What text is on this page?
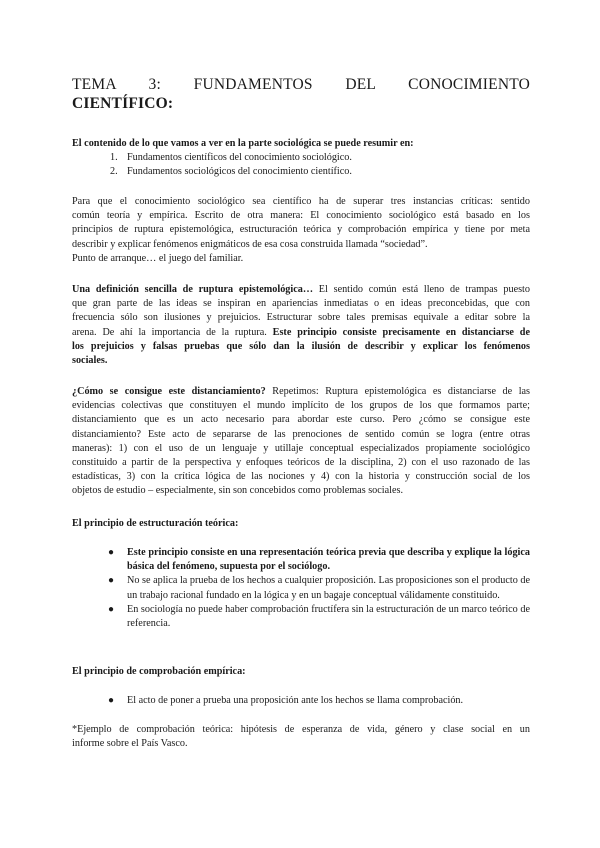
TEMA 3: FUNDAMENTOS DEL CONOCIMIENTO
CIENTÍFICO:

El contenido de lo que vamos a ver en la parte sociológica se puede resumir en:

1. Fundamentos científicos del conocimiento sociológico.
2. Fundamentos sociológicos del conocimiento científico.
Para que el conocimiento sociológico sea científico ha de superar tres instancias críticas: sentido
común teoría y empírica. Escrito de otra manera: El conocimiento sociológico está basado en los
principios de ruptura epistemológica, estructuración teórica y comprobación empírica y tiene por meta
describir y explicar fenómenos enigmáticos de esa cosa construida llamada “sociedad”.
Punto de arranque… el juego del familiar.
Una definición sencilla de ruptura epistemológica… El sentido común está lleno de trampas puesto
que gran parte de las ideas se inspiran en apariencias inmediatas o en ideas preconcebidas, que con
frecuencia sólo son ilusiones y prejuicios. Estructurar sobre tales premisas equivale a editar sobre la
arena. De ahí la importancia de la ruptura. Este principio consiste precisamente en distanciarse de
los prejuicios y falsas pruebas que sólo dan la ilusión de describir y explicar los fenómenos
sociales.
¿Cómo se consigue este distanciamiento? Repetimos: Ruptura epistemológica es distanciarse de las
evidencias colectivas que constituyen el mundo implícito de los grupos de los que formamos parte;
distanciamiento que es un acto necesario para abordar este curso. Pero ¿cómo se consigue este
distanciamiento? Este acto de separarse de las prenociones de sentido común se logra (entre otras
maneras): 1) con el uso de un lenguaje y utillaje conceptual especializados propiamente sociológico
constituido a partir de la perspectiva y enfoques teóricos de la disciplina, 2) con el uso razonado de las
estadísticas, 3) con la crítica lógica de las nociones y 4) con la historia y construcción social de los
objetos de estudio – especialmente, sin son concebidos como problemas sociales.

El principio de estructuración teórica:

● Este principio consiste en una representación teórica previa que describa y explique la lógica básica del fenómeno, supuesta por el sociólogo.
● No se aplica la prueba de los hechos a cualquier proposición. Las proposiciones son el producto de un trabajo racional fundado en la lógica y en un bagaje conceptual válidamente constituido.
● En sociología no puede haber comprobación fructífera sin la estructuración de un marco teórico de referencia.

El principio de comprobación empírica:

● El acto de poner a prueba una proposición ante los hechos se llama comprobación.
*Ejemplo de comprobación teórica: hipótesis de esperanza de vida, género y clase social en un
informe sobre el País Vasco.
